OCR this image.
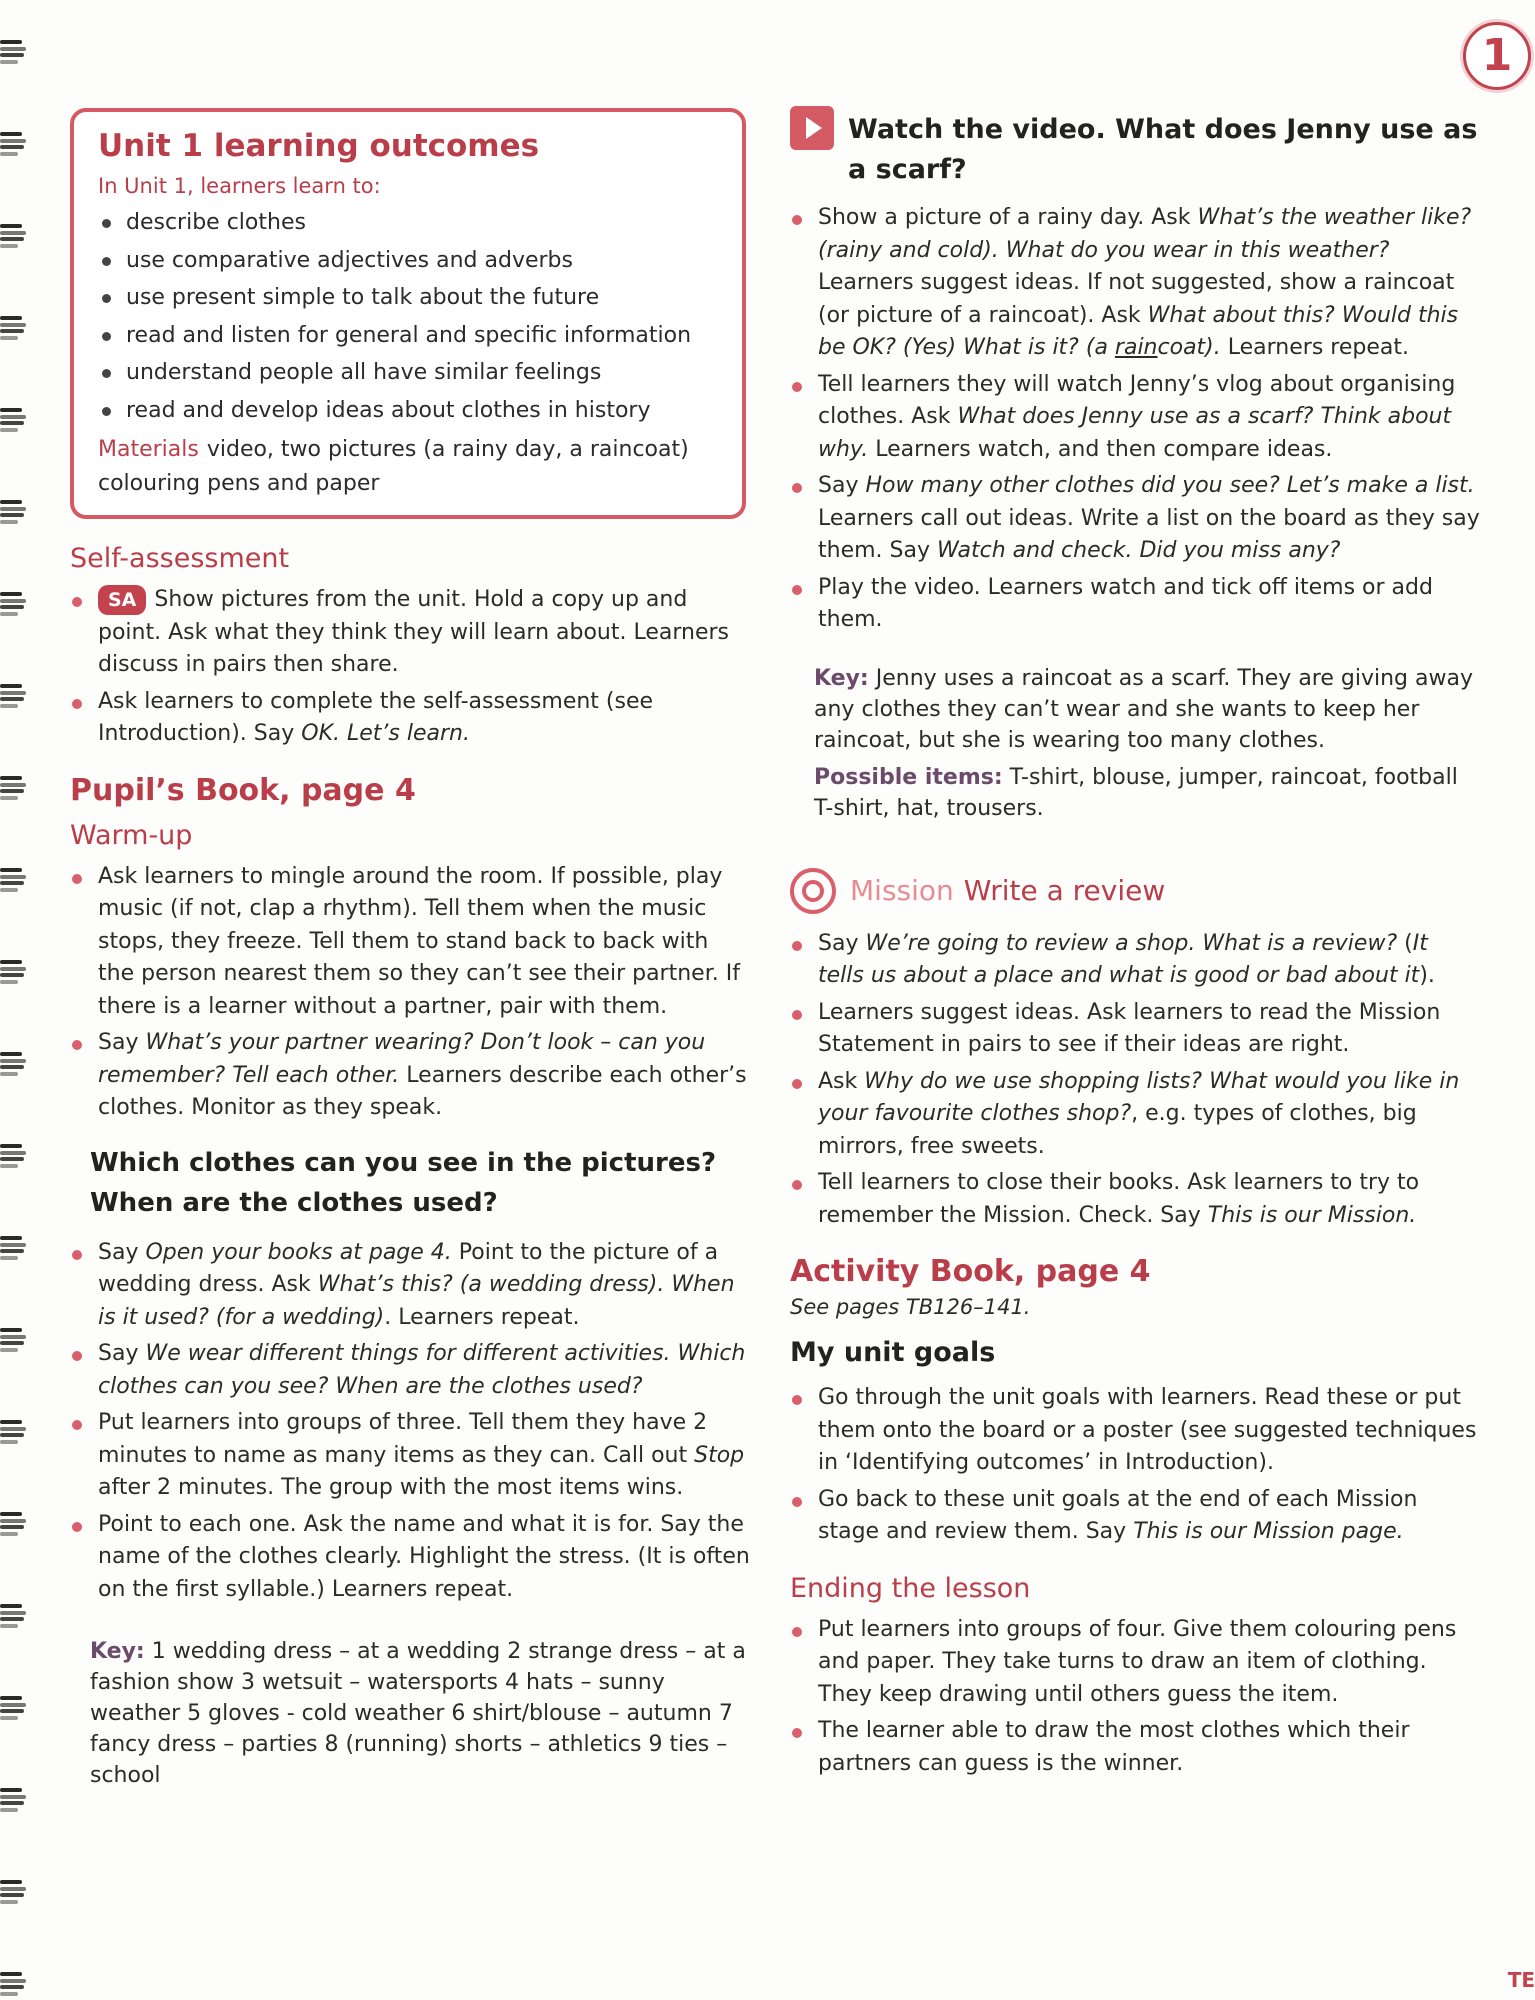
1
TE
Unit 1 learning outcomes
In Unit 1, learners learn to:
describe clothes
use comparative adjectives and adverbs
use present simple to talk about the future
read and listen for general and specific information
understand people all have similar feelings
read and develop ideas about clothes in history
Materials video, two pictures (a rainy day, a raincoat) colouring pens and paper
Self-assessment
SA Show pictures from the unit. Hold a copy up and point. Ask what they think they will learn about. Learners discuss in pairs then share.
Ask learners to complete the self-assessment (see Introduction). Say OK. Let’s learn.
Pupil’s Book, page 4
Warm-up
Ask learners to mingle around the room. If possible, play music (if not, clap a rhythm). Tell them when the music stops, they freeze. Tell them to stand back to back with the person nearest them so they can’t see their partner. If there is a learner without a partner, pair with them.
Say What’s your partner wearing? Don’t look – can you remember? Tell each other. Learners describe each other’s clothes. Monitor as they speak.
Which clothes can you see in the pictures? When are the clothes used?
Say Open your books at page 4. Point to the picture of a wedding dress. Ask What’s this? (a wedding dress). When is it used? (for a wedding). Learners repeat.
Say We wear different things for different activities. Which clothes can you see? When are the clothes used?
Put learners into groups of three. Tell them they have 2 minutes to name as many items as they can. Call out Stop after 2 minutes. The group with the most items wins.
Point to each one. Ask the name and what it is for. Say the name of the clothes clearly. Highlight the stress. (It is often on the first syllable.) Learners repeat.
Key: 1 wedding dress – at a wedding 2 strange dress – at a fashion show 3 wetsuit – watersports 4 hats – sunny weather 5 gloves - cold weather 6 shirt/blouse – autumn 7 fancy dress – parties 8 (running) shorts – athletics 9 ties – school
Watch the video. What does Jenny use as a scarf?
Show a picture of a rainy day. Ask What’s the weather like? (rainy and cold). What do you wear in this weather? Learners suggest ideas. If not suggested, show a raincoat (or picture of a raincoat). Ask What about this? Would this be OK? (Yes) What is it? (a raincoat). Learners repeat.
Tell learners they will watch Jenny’s vlog about organising clothes. Ask What does Jenny use as a scarf? Think about why. Learners watch, and then compare ideas.
Say How many other clothes did you see? Let’s make a list. Learners call out ideas. Write a list on the board as they say them. Say Watch and check. Did you miss any?
Play the video. Learners watch and tick off items or add them.
Key: Jenny uses a raincoat as a scarf. They are giving away any clothes they can’t wear and she wants to keep her raincoat, but she is wearing too many clothes.
Possible items: T-shirt, blouse, jumper, raincoat, football T-shirt, hat, trousers.
Mission Write a review
Say We’re going to review a shop. What is a review? (It tells us about a place and what is good or bad about it).
Learners suggest ideas. Ask learners to read the Mission Statement in pairs to see if their ideas are right.
Ask Why do we use shopping lists? What would you like in your favourite clothes shop?, e.g. types of clothes, big mirrors, free sweets.
Tell learners to close their books. Ask learners to try to remember the Mission. Check. Say This is our Mission.
Activity Book, page 4
See pages TB126–141.
My unit goals
Go through the unit goals with learners. Read these or put them onto the board or a poster (see suggested techniques in ‘Identifying outcomes’ in Introduction).
Go back to these unit goals at the end of each Mission stage and review them. Say This is our Mission page.
Ending the lesson
Put learners into groups of four. Give them colouring pens and paper. They take turns to draw an item of clothing. They keep drawing until others guess the item.
The learner able to draw the most clothes which their partners can guess is the winner.
